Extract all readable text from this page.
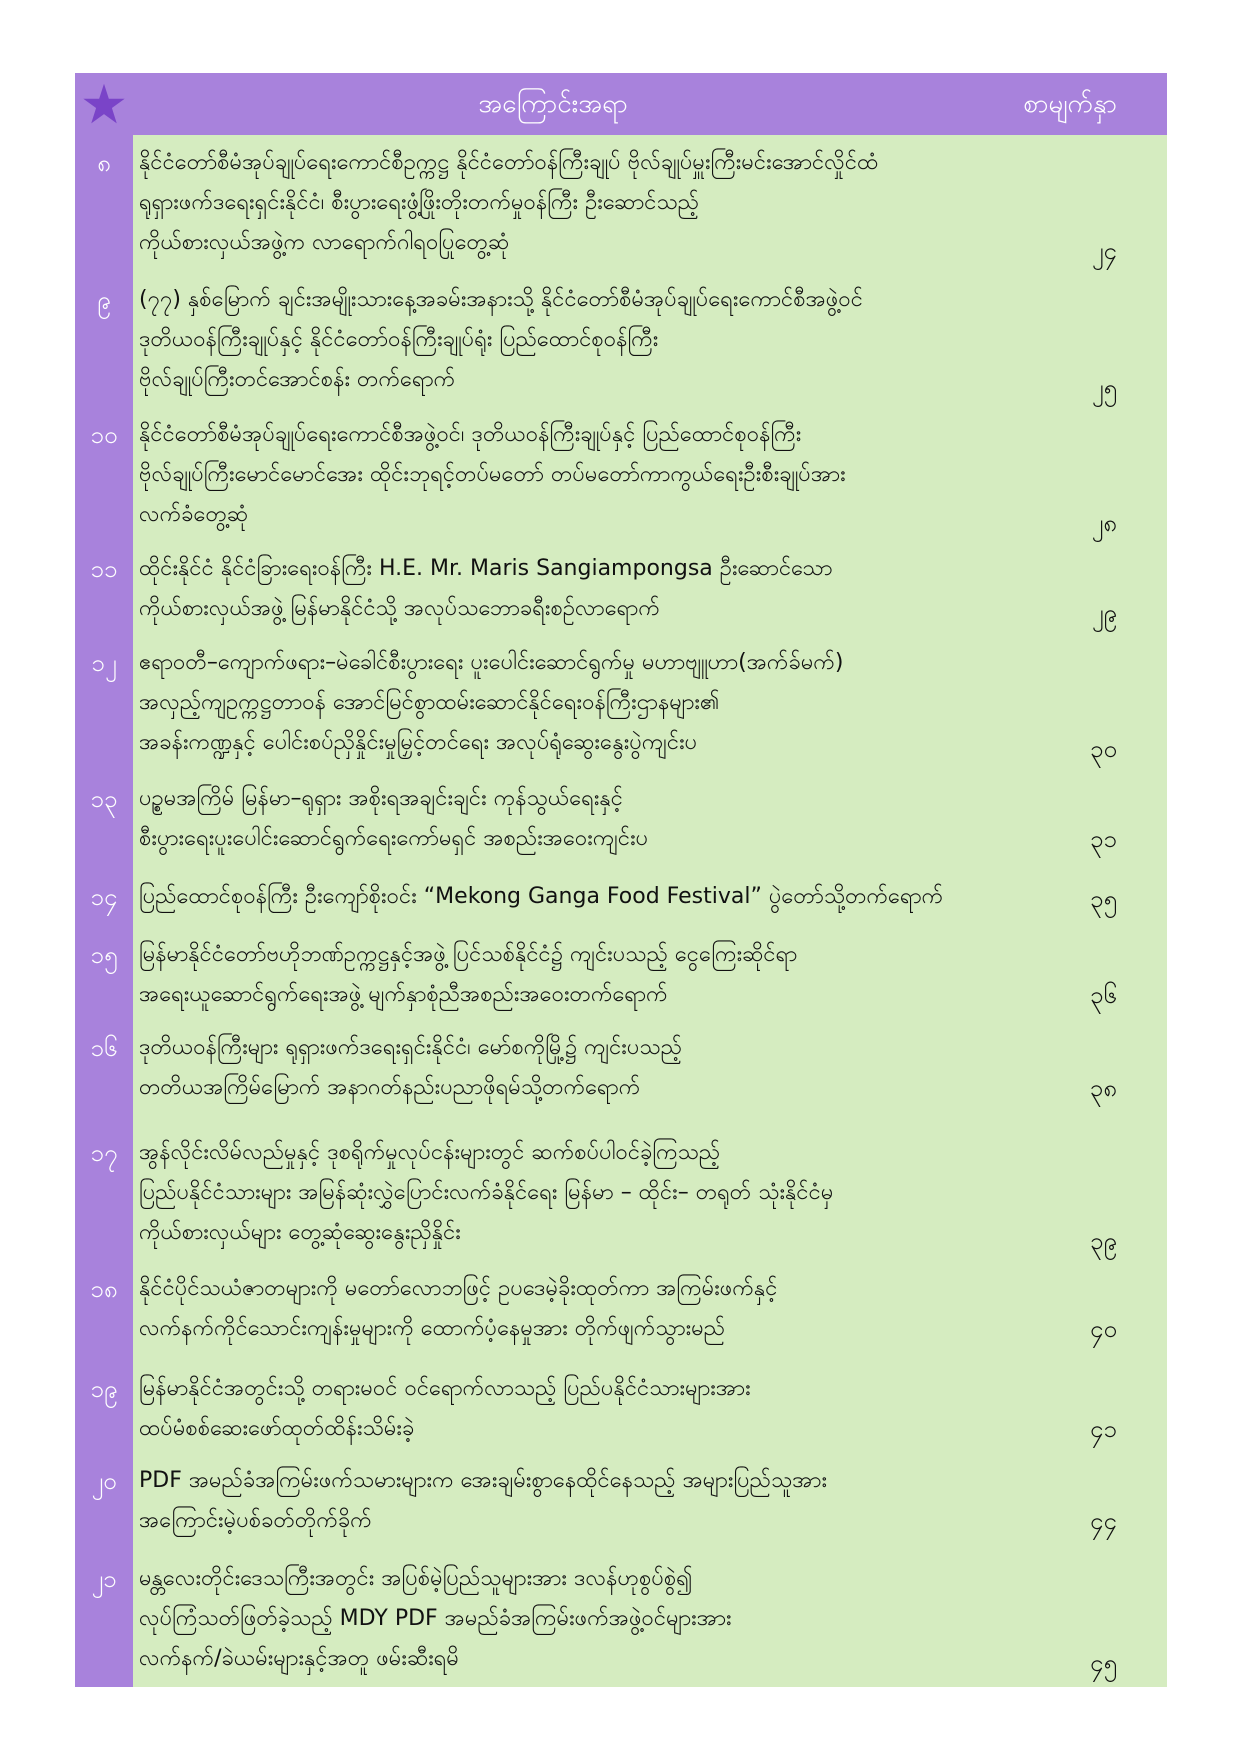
အကြောင်းအရာ	စာမျက်နှာ
၈	နိုင်ငံတော်စီမံအုပ်ချုပ်ရေးကောင်စီဥက္ကဋ္ဌ နိုင်ငံတော်ဝန်ကြီးချုပ် ဗိုလ်ချုပ်မှူးကြီးမင်းအောင်လှိုင်ထံ
ရုရှားဖက်ဒရေးရှင်းနိုင်ငံ၊ စီးပွားရေးဖွံ့ဖြိုးတိုးတက်မှုဝန်ကြီး ဦးဆောင်သည့်
ကိုယ်စားလှယ်အဖွဲ့က လာရောက်ဂါရဝပြုတွေ့ဆုံ	၂၄
၉	(၇၇) နှစ်မြောက် ချင်းအမျိုးသားနေ့အခမ်းအနားသို့ နိုင်ငံတော်စီမံအုပ်ချုပ်ရေးကောင်စီအဖွဲ့ဝင်
ဒုတိယဝန်ကြီးချုပ်နှင့် နိုင်ငံတော်ဝန်ကြီးချုပ်ရုံး ပြည်ထောင်စုဝန်ကြီး
ဗိုလ်ချုပ်ကြီးတင်အောင်စန်း တက်ရောက်	၂၅
၁၀ နိုင်ငံတော်စီမံအုပ်ချုပ်ရေးကောင်စီအဖွဲ့ဝင်၊ ဒုတိယဝန်ကြီးချုပ်နှင့် ပြည်ထောင်စုဝန်ကြီး
ဗိုလ်ချုပ်ကြီးမောင်မောင်အေး ထိုင်းဘုရင့်တပ်မတော် တပ်မတော်ကာကွယ်ရေးဦးစီးချုပ်အား
လက်ခံတွေ့ဆုံ	၂၈
၁၁ ထိုင်းနိုင်ငံ နိုင်ငံခြားရေးဝန်ကြီး H.E. Mr. Maris Sangiampongsa ဦးဆောင်သော
ကိုယ်စားလှယ်အဖွဲ့ မြန်မာနိုင်ငံသို့ အလုပ်သဘောခရီးစဉ်လာရောက်	၂၉
၁၂	ဧရာဝတီ–ကျောက်ဖရား–မဲခေါင်စီးပွားရေး ပူးပေါင်းဆောင်ရွက်မှု မဟာဗျူဟာ(အက်ခ်မက်)
အလှည့်ကျဥက္ကဋ္ဌတာဝန် အောင်မြင်စွာထမ်းဆောင်နိုင်ရေးဝန်ကြီးဌာနများ၏
အခန်းကဏ္ဍနှင့် ပေါင်းစပ်ညှိနှိုင်းမှုမြှင့်တင်ရေး အလုပ်ရုံဆွေးနွေးပွဲကျင်းပ	၃၀
၁၃ ပဉ္စမအကြိမ် မြန်မာ–ရုရှား အစိုးရအချင်းချင်း ကုန်သွယ်ရေးနှင့်
စီးပွားရေးပူးပေါင်းဆောင်ရွက်ရေးကော်မရှင် အစည်းအဝေးကျင်းပ	၃၁
၁၄ ပြည်ထောင်စုဝန်ကြီး ဦးကျော်စိုးဝင်း “Mekong Ganga Food Festival” ပွဲတော်သို့တက်ရောက်	၃၅
၁၅ မြန်မာနိုင်ငံတော်ဗဟိုဘဏ်ဥက္ကဋ္ဌနှင့်အဖွဲ့ ပြင်သစ်နိုင်ငံ၌ ကျင်းပသည့် ငွေကြေးဆိုင်ရာ
အရေးယူဆောင်ရွက်ရေးအဖွဲ့ မျက်နှာစုံညီအစည်းအဝေးတက်ရောက်	၃၆
၁၆ ဒုတိယဝန်ကြီးများ ရုရှားဖက်ဒရေးရှင်းနိုင်ငံ၊ မော်စကိုမြို့၌ ကျင်းပသည့်
တတိယအကြိမ်မြောက် အနာဂတ်နည်းပညာဖိုရမ်သို့တက်ရောက်	၃၈
၁၇ အွန်လိုင်းလိမ်လည်မှုနှင့် ဒုစရိုက်မှုလုပ်ငန်းများတွင် ဆက်စပ်ပါဝင်ခဲ့ကြသည့်
ပြည်ပနိုင်ငံသားများ အမြန်ဆုံးလွှဲပြောင်းလက်ခံနိုင်ရေး မြန်မာ – ထိုင်း– တရုတ် သုံးနိုင်ငံမှ
ကိုယ်စားလှယ်များ တွေ့ဆုံဆွေးနွေးညှိနှိုင်း	၃၉
၁၈ နိုင်ငံပိုင်သယံဇာတများကို မတော်လောဘဖြင့် ဥပဒေမဲ့ခိုးထုတ်ကာ အကြမ်းဖက်နှင့်
လက်နက်ကိုင်သောင်းကျန်းမှုများကို ထောက်ပံ့နေမှုအား တိုက်ဖျက်သွားမည်	၄၀
၁၉ မြန်မာနိုင်ငံအတွင်းသို့ တရားမဝင် ဝင်ရောက်လာသည့် ပြည်ပနိုင်ငံသားများအား
ထပ်မံစစ်ဆေးဖော်ထုတ်ထိန်းသိမ်းခဲ့	၄၁
၂၀	PDF အမည်ခံအကြမ်းဖက်သမားများက အေးချမ်းစွာနေထိုင်နေသည့် အများပြည်သူအား
အကြောင်းမဲ့ပစ်ခတ်တိုက်ခိုက်	၄၄
၂၁	မန္တလေးတိုင်းဒေသကြီးအတွင်း အပြစ်မဲ့ပြည်သူများအား ဒလန်ဟုစွပ်စွဲ၍
လုပ်ကြံသတ်ဖြတ်ခဲ့သည့် MDY PDF အမည်ခံအကြမ်းဖက်အဖွဲ့ဝင်များအား
လက်နက်/ခဲယမ်းများနှင့်အတူ ဖမ်းဆီးရမိ	၄၅
